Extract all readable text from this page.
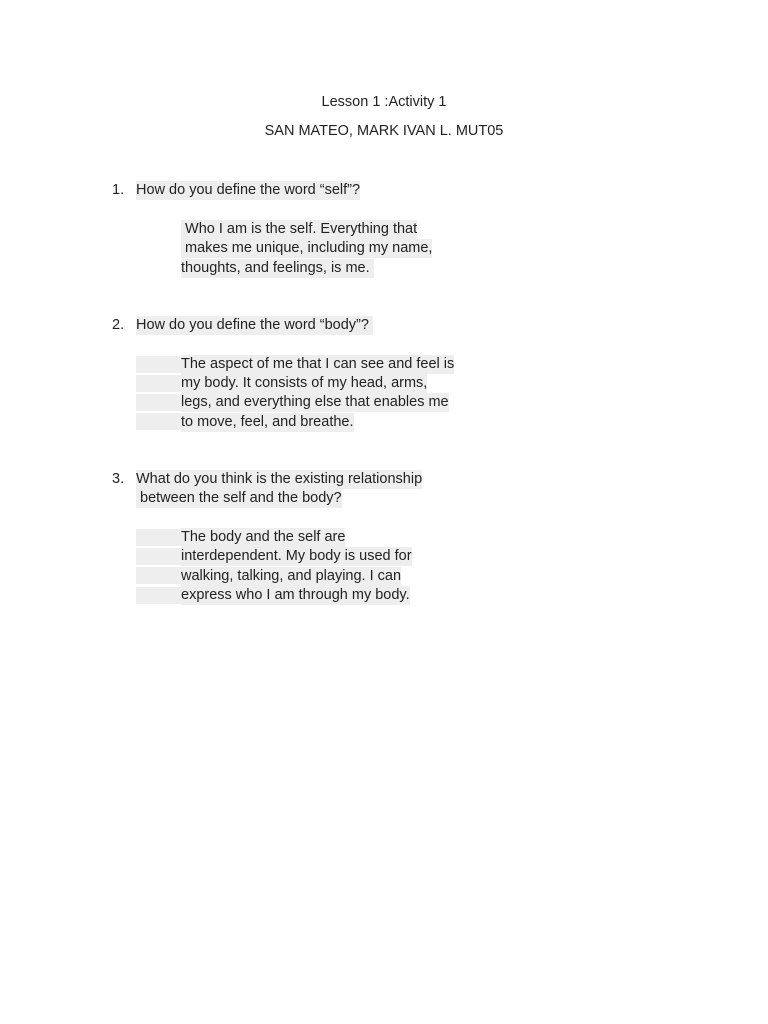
Lesson 1 :Activity 1
SAN MATEO, MARK IVAN L. MUT05
1. How do you define the word “self”?
Who I am is the self. Everything that
makes me unique, including my name,
thoughts, and feelings, is me.
2. How do you define the word “body”?
The aspect of me that I can see and feel is
my body. It consists of my head, arms,
legs, and everything else that enables me
to move, feel, and breathe.
3. What do you think is the existing relationship
between the self and the body?
The body and the self are
interdependent. My body is used for
walking, talking, and playing. I can
express who I am through my body.
